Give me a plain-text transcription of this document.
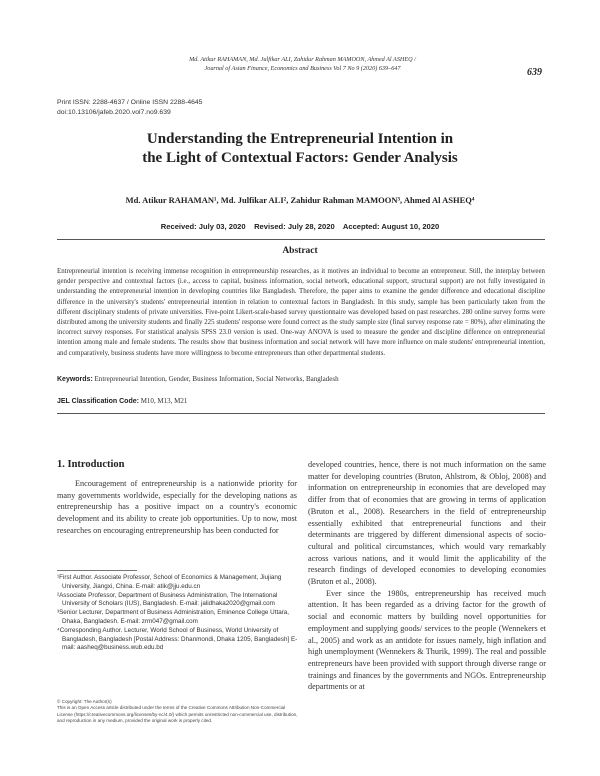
Md. Atikur RAHAMAN, Md. Julfikar ALI, Zahidur Rahman MAMOON, Ahmed Al ASHEQ /
Journal of Asian Finance, Economics and Business Vol 7 No 9 (2020) 639–647	639
Print ISSN: 2288-4637 / Online ISSN 2288-4645
doi:10.13106/jafeb.2020.vol7.no9.639
Understanding the Entrepreneurial Intention in
the Light of Contextual Factors: Gender Analysis
Md. Atikur RAHAMAN¹, Md. Julfikar ALI², Zahidur Rahman MAMOON³, Ahmed Al ASHEQ⁴
Received: July 03, 2020    Revised: July 28, 2020    Accepted: August 10, 2020
Abstract
Entrepreneurial intention is receiving immense recognition in entrepreneurship researches, as it motives an individual to become an entrepreneur. Still, the interplay between gender perspective and contextual factors (i.e., access to capital, business information, social network, educational support, structural support) are not fully investigated in understanding the entrepreneurial intention in developing countries like Bangladesh. Therefore, the paper aims to examine the gender difference and educational discipline difference in the university's students' entrepreneurial intention in relation to contextual factors in Bangladesh. In this study, sample has been particularly taken from the different disciplinary students of private universities. Five-point Likert-scale-based survey questionnaire was developed based on past researches. 280 online survey forms were distributed among the university students and finally 225 students' response were found correct as the study sample size (final survey response rate = 80%), after eliminating the incorrect survey responses. For statistical analysis SPSS 23.0 version is used. One-way ANOVA is used to measure the gender and discipline difference on entrepreneurial intention among male and female students. The results show that business information and social network will have more influence on male students' entrepreneurial intention, and comparatively, business students have more willingness to become entrepreneurs than other departmental students.
Keywords: Entrepreneurial Intention, Gender, Business Information, Social Networks, Bangladesh
JEL Classification Code: M10, M13, M21
1. Introduction

Encouragement of entrepreneurship is a nationwide priority for many governments worldwide, especially for the developing nations as entrepreneurship has a positive impact on a country's economic development and its ability to create job opportunities. Up to now, most researches on encouraging entrepreneurship has been conducted for

developed countries, hence, there is not much information on the same matter for developing countries (Bruton, Ahlstrom, & Obloj, 2008) and information on entrepreneurship in economies that are developed may differ from that of economies that are growing in terms of application (Bruton et al., 2008). Researchers in the field of entrepreneurship essentially exhibited that entrepreneurial functions and their determinants are triggered by different dimensional aspects of socio-cultural and political circumstances, which would vary remarkably across various nations, and it would limit the applicability of the research findings of developed economies to developing economies (Bruton et al., 2008).

Ever since the 1980s, entrepreneurship has received much attention. It has been regarded as a driving factor for the growth of social and economic matters by building novel opportunities for employment and supplying goods/ services to the people (Wennekers et al., 2005) and work as an antidote for issues namely, high inflation and high unemployment (Wennekers & Thurik, 1999). The real and possible entrepreneurs have been provided with support through diverse range or trainings and finances by the governments and NGOs. Entrepreneurship departments or at

¹First Author. Associate Professor, School of Economics & Management, Jiujiang University, Jiangxi, China. E-mail: atik@jju.edu.cn
²Associate Professor, Department of Business Administration, The International University of Scholars (IUS), Bangladesh. E-mail: jalidhaka2020@gmail.com
³Senior Lecturer, Department of Business Administration, Eminence College Uttara, Dhaka, Bangladesh. E-mail: zrm047@gmail.com
⁴Corresponding Author. Lecturer, World School of Business, World University of Bangladesh, Bangladesh [Postal Address: Dhanmondi, Dhaka 1205, Bangladesh] E-mail: aasheq@business.wub.edu.bd
© Copyright: The Author(s)
This is an Open Access article distributed under the terms of the Creative Commons Attribution Non-Commercial License (https://creativecommons.org/licenses/by-nc/4.0/) which permits unrestricted non-commercial use, distribution, and reproduction in any medium, provided the original work is properly cited.
